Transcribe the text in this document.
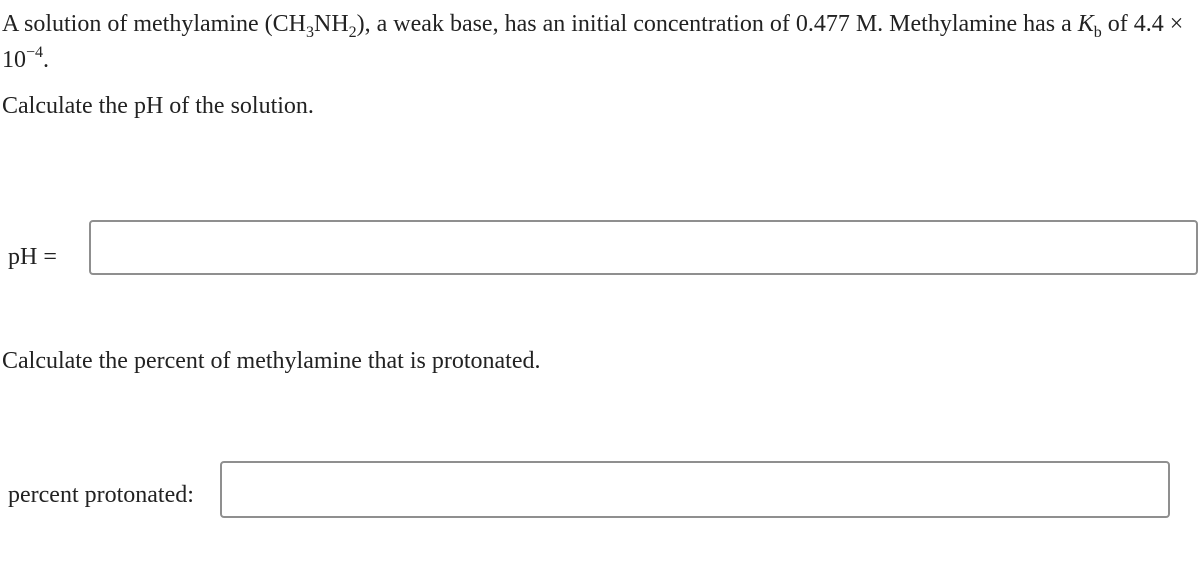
A solution of methylamine $(CH_3NH_2)$, a weak base, has an initial concentration of 0.477 M. Methylamine has a $K_b$ of $4.4 \times 10^{-4}$.

Calculate the pH of the solution.

pH =

Calculate the percent of methylamine that is protonated.

percent protonated:
